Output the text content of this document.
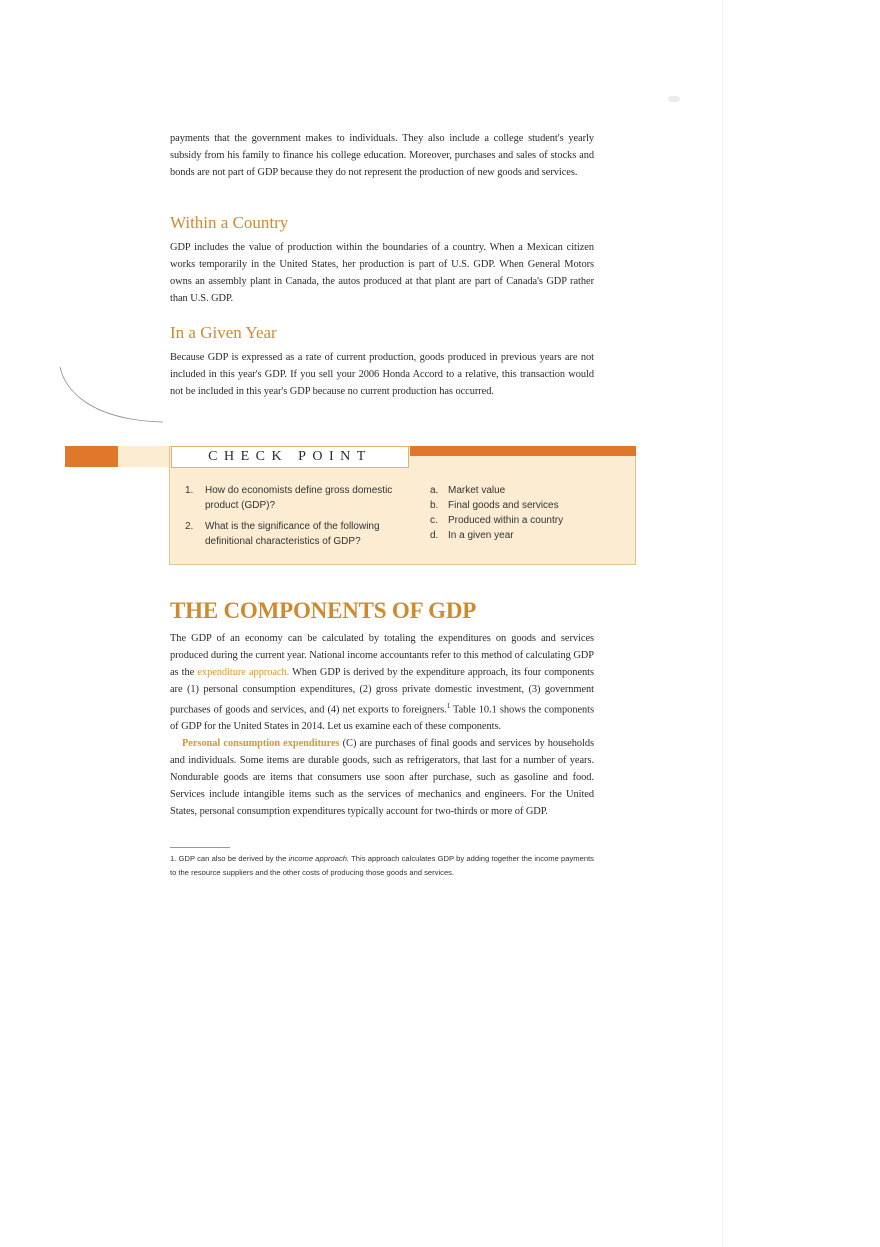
payments that the government makes to individuals. They also include a college student's yearly subsidy from his family to finance his college education. Moreover, purchases and sales of stocks and bonds are not part of GDP because they do not represent the production of new goods and services.

Within a Country

GDP includes the value of production within the boundaries of a country. When a Mexican citizen works temporarily in the United States, her production is part of U.S. GDP. When General Motors owns an assembly plant in Canada, the autos produced at that plant are part of Canada's GDP rather than U.S. GDP.

In a Given Year

Because GDP is expressed as a rate of current production, goods produced in previous years are not included in this year's GDP. If you sell your 2006 Honda Accord to a relative, this transaction would not be included in this year's GDP because no current production has occurred.

CHECK POINT
1. How do economists define gross domestic product (GDP)?
2. What is the significance of the following definitional characteristics of GDP?
a. Market value
b. Final goods and services
c. Produced within a country
d. In a given year
THE COMPONENTS OF GDP

The GDP of an economy can be calculated by totaling the expenditures on goods and services produced during the current year. National income accountants refer to this method of calculating GDP as the expenditure approach. When GDP is derived by the expenditure approach, its four components are (1) personal consumption expenditures, (2) gross private domestic investment, (3) government purchases of goods and services, and (4) net exports to foreigners.$^1$ Table 10.1 shows the components of GDP for the United States in 2014. Let us examine each of these components.

Personal consumption expenditures (C) are purchases of final goods and services by households and individuals. Some items are durable goods, such as refrigerators, that last for a number of years. Nondurable goods are items that consumers use soon after purchase, such as gasoline and food. Services include intangible items such as the services of mechanics and engineers. For the United States, personal consumption expenditures typically account for two-thirds or more of GDP.

1. GDP can also be derived by the income approach. This approach calculates GDP by adding together the income payments to the resource suppliers and the other costs of producing those goods and services.
